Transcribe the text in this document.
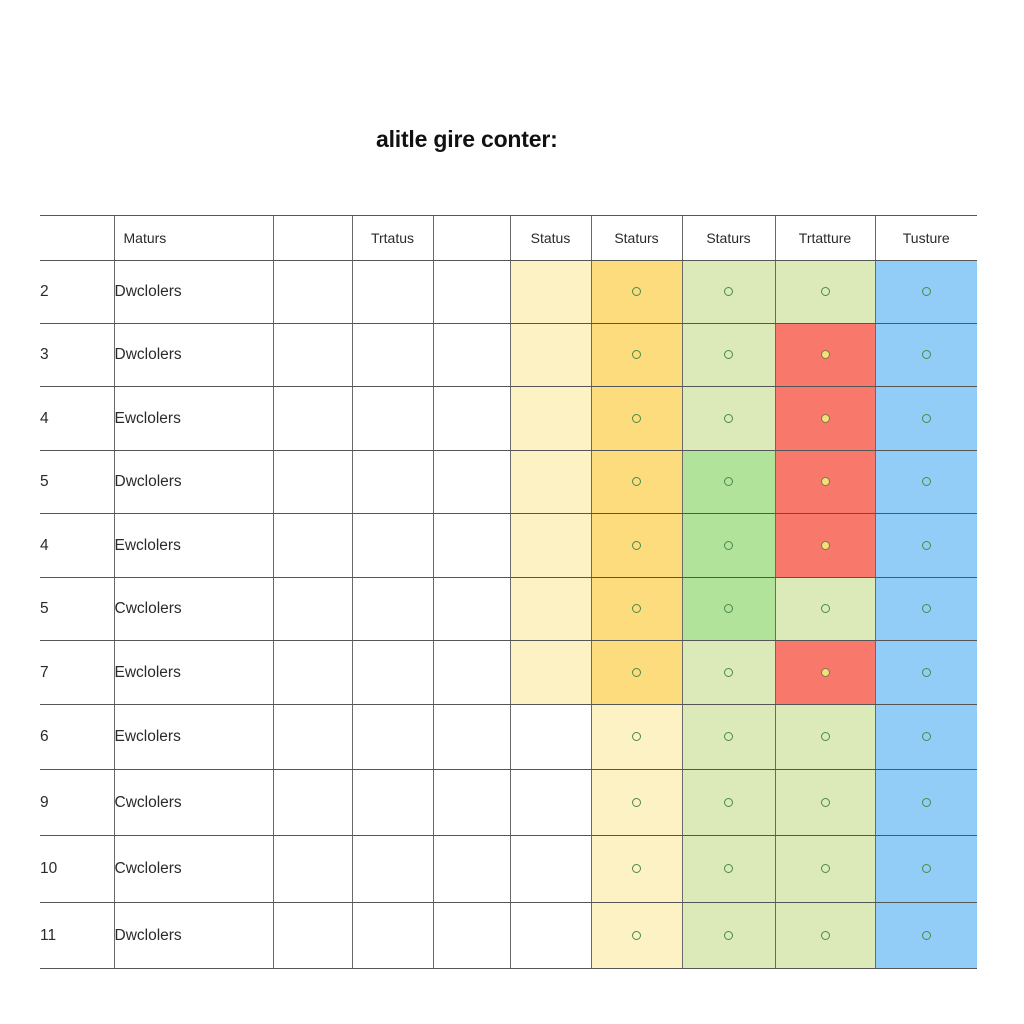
alitle gire conter:
	Maturs		Trtatus		Status	Staturs	Staturs	Trtatture	Tusture
2	Dwclolers								
3	Dwclolers								
4	Ewclolers								
5	Dwclolers								
4	Ewclolers								
5	Cwclolers								
7	Ewclolers								
6	Ewclolers								
9	Cwclolers								
10	Cwclolers								
11	Dwclolers								
